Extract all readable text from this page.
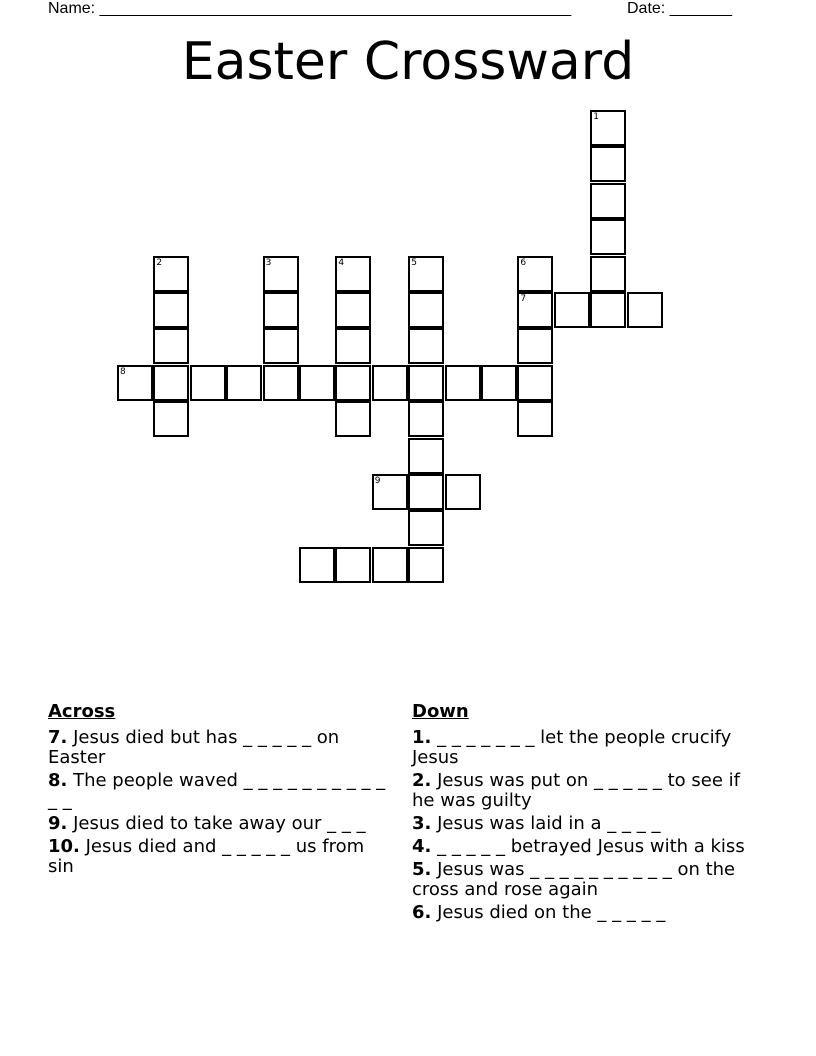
Name: _____________________________________________________	Date: _______
Easter Crossward
1
2	3	4	5	6
7
8
9
Across
7. Jesus died but has _ _ _ _ _ on Easter
8. The people waved _ _ _ _ _ _ _ _ _ _ _ _
9. Jesus died to take away our _ _ _
10. Jesus died and _ _ _ _ _ us from sin
Down
1. _ _ _ _ _ _ _ let the people crucify Jesus
2. Jesus was put on _ _ _ _ _ to see if he was guilty
3. Jesus was laid in a _ _ _ _
4. _ _ _ _ _ betrayed Jesus with a kiss
5. Jesus was _ _ _ _ _ _ _ _ _ _ on the cross and rose again
6. Jesus died on the _ _ _ _ _
